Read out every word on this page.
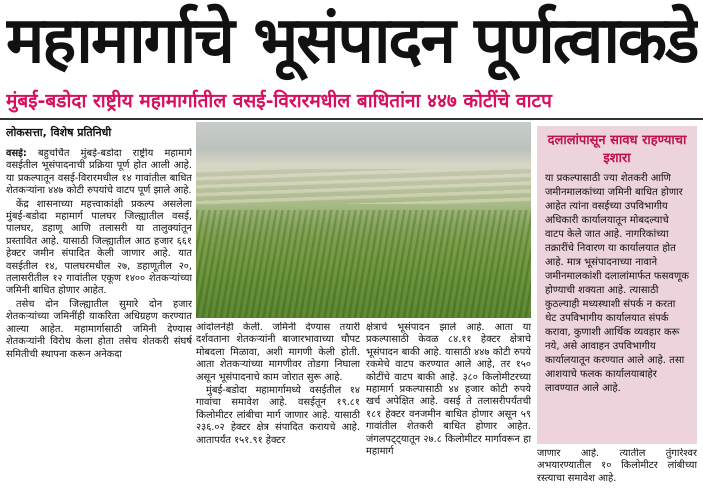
महामार्गाचे भूसंपादन पूर्णत्वाकडे
मुंबई-बडोदा राष्ट्रीय महामार्गातील वसई-विरारमधील बाधितांना ४४७ कोटींचे वाटप
लोकसत्ता, विशेष प्रतिनिधी

वसई: बहुचर्चित मुंबई-बडोदा राष्ट्रीय महामार्ग वसईतील भूसंपादनाची प्रक्रिया पूर्ण होत आली आहे. या प्रकल्पातून वसई-विरारमधील १४ गावांतील बाधित शेतकऱ्यांना ४४७ कोटी रुपयांचे वाटप पूर्ण झाले आहे.

केंद्र शासनाच्या महत्त्वाकांक्षी प्रकल्प असलेला मुंबई-बडोदा महामार्ग पालघर जिल्ह्यातील वसई, पालघर, डहाणू आणि तलासरी या तालुक्यांतून प्रस्तावित आहे. यासाठी जिल्ह्यातील आठ हजार ६६१ हेक्टर जमीन संपादित केली जाणार आहे. यात वसईतील १४, पालघरमधील २७, डहाणूतील २०, तलासरीतील १२ गावांतील एकूण १४०० शेतकऱ्यांच्या जमिनी बाधित होणार आहेत.

तसेच दोन जिल्ह्यातील सुमारे दोन हजार शेतकऱ्यांच्या जमिनींही याकरिता अधिग्रहण करण्यात आल्या आहेत. महामार्गासाठी जमिनी देण्यास शेतकऱ्यांनी विरोध केला होता तसेच शेतकरी संघर्ष समितीची स्थापना करून अनेकदा

आंदोलनेही केली. जमिनी देण्यास तयारी दर्शवताना शेतकऱ्यांनी बाजारभावाच्या चौपट मोबदला मिळावा, अशी मागणी केली होती. आता शेतकऱ्यांच्या मागणीवर तोडगा निघाला असून भूसंपादनाचे काम जोरात सुरू आहे.

मुंबई-बडोदा महामार्गामध्ये वसईतील १४ गावांचा समावेश आहे. वसईतून १९.८१ किलोमीटर लांबीचा मार्ग जाणार आहे. यासाठी २३६.०२ हेक्टर क्षेत्र संपादित करायचे आहे. आतापर्यंत १५१.९१ हेक्टर

क्षेत्राचे भूसंपादन झाले आहे. आता या प्रकल्पासाठी केवळ ८४.११ हेक्टर क्षेत्राचे भूसंपादन बाकी आहे. यासाठी ४४७ कोटी रुपये रकमेचे वाटप करण्यात आले आहे, तर १५० कोटींचे वाटप बाकी आहे. ३८० किलोमीटरच्या महामार्ग प्रकल्पासाठी ४४ हजार कोटी रुपये खर्च अपेक्षित आहे. वसई ते तलासरीपर्यंतची १८१ हेक्टर वनजमीन बाधित होणार असून ५९ गावांतील शेतकरी बाधित होणार आहेत. जंगलपट्ट्यातून २७.८ किलोमीटर मार्गावरून हा महामार्ग

दलालांपासून सावध राहण्याचा इशारा
या प्रकल्पासाठी ज्या शेतकरी आणि जमीनमालकांच्या जमिनी बाधित होणार आहेत त्यांना वसईच्या उपविभागीय अधिकारी कार्यालयातून मोबदल्याचे वाटप केले जात आहे. नागरिकांच्या तक्रारींचे निवारण या कार्यालयात होत आहे. मात्र भूसंपादनाच्या नावाने जमीनमालकांशी दलालांमार्फत फसवणूक होण्याची शक्यता आहे. त्यासाठी कुठल्याही मध्यस्थाशी संपर्क न करता थेट उपविभागीय कार्यालयात संपर्क करावा, कुणाशी आर्थिक व्यवहार करू नये, असे आवाहन उपविभागीय कार्यालयातून करण्यात आले आहे. तसा आशयाचे फलक कार्यालयाबाहेर लावण्यात आले आहे.

जाणार आहे. त्यातील तुंगारेश्वर अभयारण्यातील १० किलोमीटर लांबीच्या रस्त्याचा समावेश आहे.
